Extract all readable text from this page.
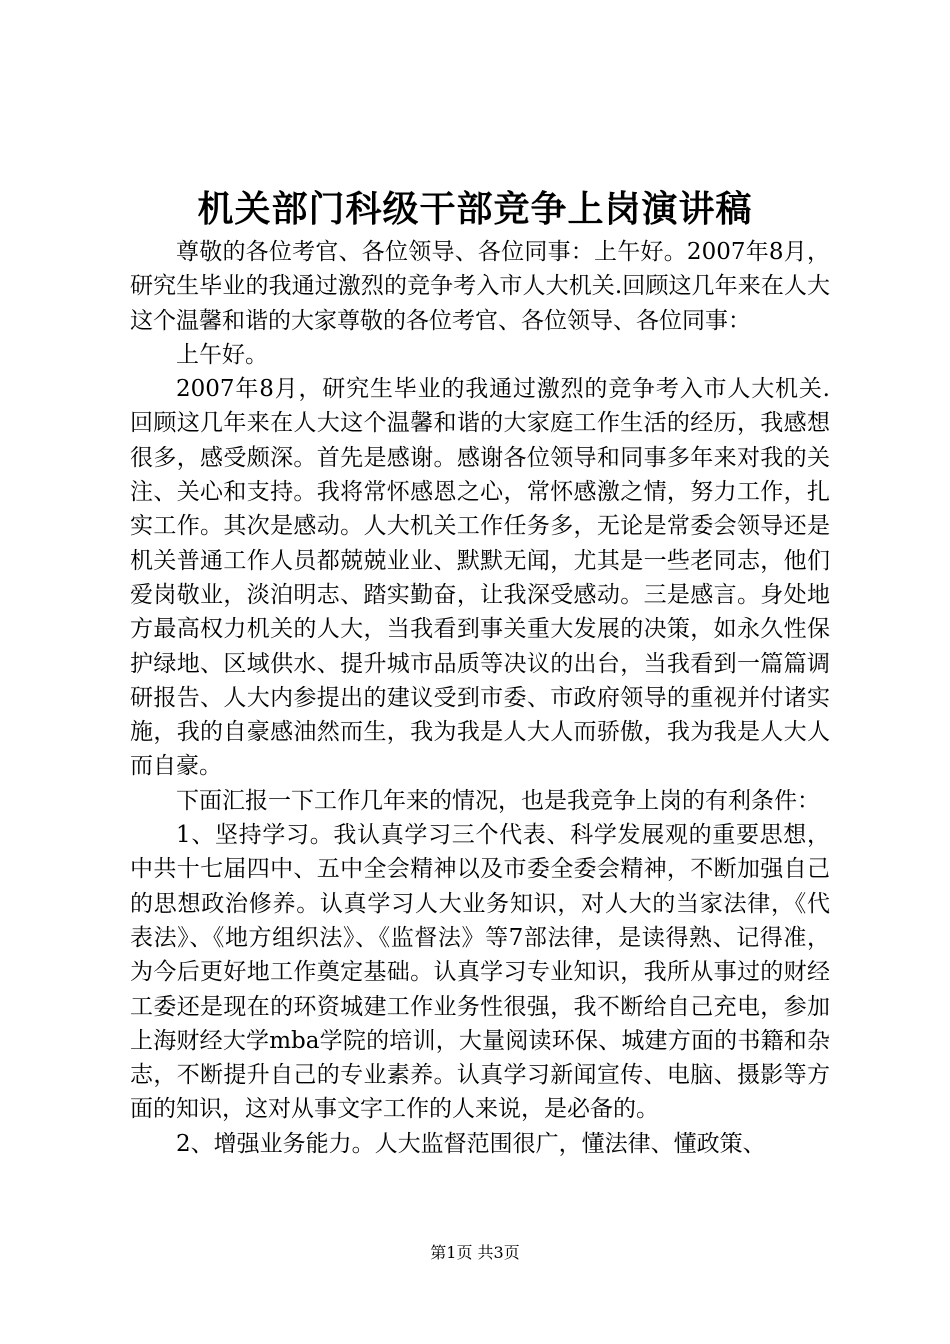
机关部门科级干部竞争上岗演讲稿

尊敬的各位考官、各位领导、各位同事：上午好。2007年8月，研究生毕业的我通过激烈的竞争考入市人大机关.回顾这几年来在人大这个温馨和谐的大家尊敬的各位考官、各位领导、各位同事：

上午好。

2007年8月，研究生毕业的我通过激烈的竞争考入市人大机关.回顾这几年来在人大这个温馨和谐的大家庭工作生活的经历，我感想很多，感受颇深。首先是感谢。感谢各位领导和同事多年来对我的关注、关心和支持。我将常怀感恩之心，常怀感激之情，努力工作，扎实工作。其次是感动。人大机关工作任务多，无论是常委会领导还是机关普通工作人员都兢兢业业、默默无闻，尤其是一些老同志，他们爱岗敬业，淡泊明志、踏实勤奋，让我深受感动。三是感言。身处地方最高权力机关的人大，当我看到事关重大发展的决策，如永久性保护绿地、区域供水、提升城市品质等决议的出台，当我看到一篇篇调研报告、人大内参提出的建议受到市委、市政府领导的重视并付诸实施，我的自豪感油然而生，我为我是人大人而骄傲，我为我是人大人而自豪。

下面汇报一下工作几年来的情况，也是我竞争上岗的有利条件：

1、坚持学习。我认真学习三个代表、科学发展观的重要思想，中共十七届四中、五中全会精神以及市委全委会精神，不断加强自己的思想政治修养。认真学习人大业务知识，对人大的当家法律，《代表法》、《地方组织法》、《监督法》等7部法律，是读得熟、记得准，为今后更好地工作奠定基础。认真学习专业知识，我所从事过的财经工委还是现在的环资城建工作业务性很强，我不断给自己充电，参加上海财经大学mba学院的培训，大量阅读环保、城建方面的书籍和杂志，不断提升自己的专业素养。认真学习新闻宣传、电脑、摄影等方面的知识，这对从事文字工作的人来说，是必备的。

2、增强业务能力。人大监督范围很广，懂法律、懂政策、

第1页 共3页
